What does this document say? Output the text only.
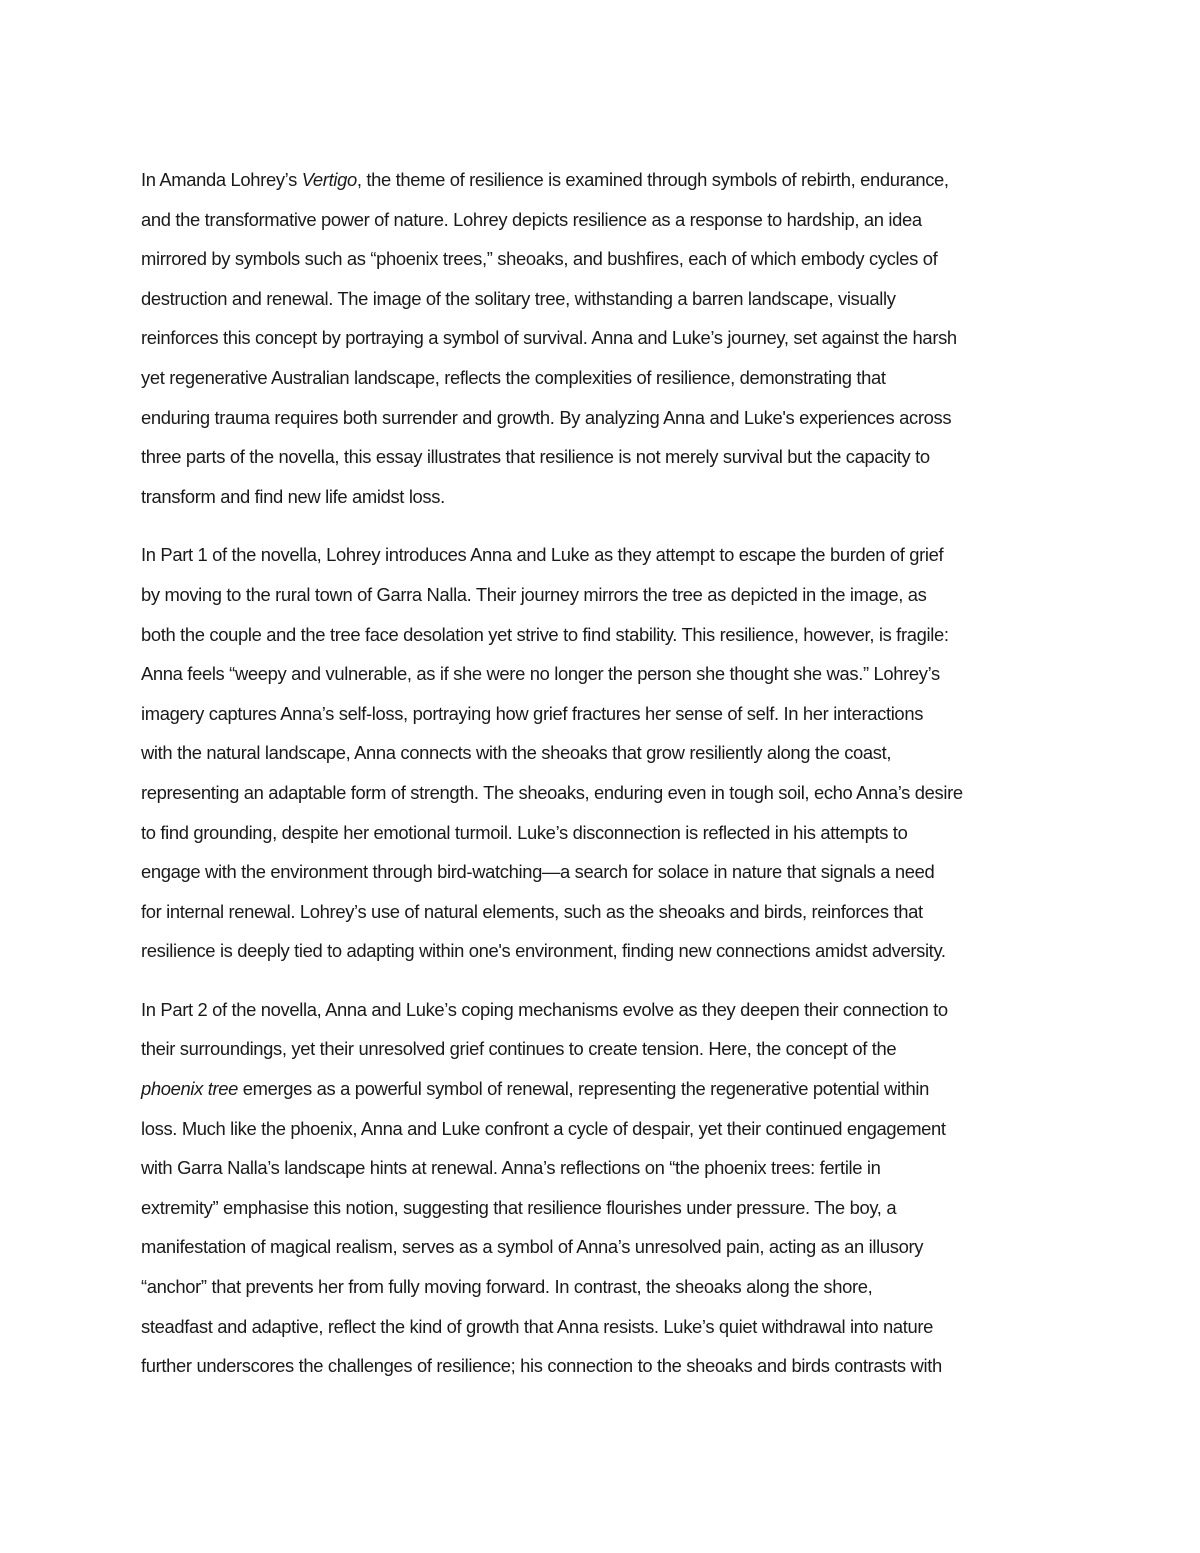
In Amanda Lohrey’s Vertigo, the theme of resilience is examined through symbols of rebirth, endurance,
and the transformative power of nature. Lohrey depicts resilience as a response to hardship, an idea
mirrored by symbols such as “phoenix trees,” sheoaks, and bushfires, each of which embody cycles of
destruction and renewal. The image of the solitary tree, withstanding a barren landscape, visually
reinforces this concept by portraying a symbol of survival. Anna and Luke’s journey, set against the harsh
yet regenerative Australian landscape, reflects the complexities of resilience, demonstrating that
enduring trauma requires both surrender and growth. By analyzing Anna and Luke's experiences across
three parts of the novella, this essay illustrates that resilience is not merely survival but the capacity to
transform and find new life amidst loss.

In Part 1 of the novella, Lohrey introduces Anna and Luke as they attempt to escape the burden of grief
by moving to the rural town of Garra Nalla. Their journey mirrors the tree as depicted in the image, as
both the couple and the tree face desolation yet strive to find stability. This resilience, however, is fragile:
Anna feels “weepy and vulnerable, as if she were no longer the person she thought she was.” Lohrey’s
imagery captures Anna’s self-loss, portraying how grief fractures her sense of self. In her interactions
with the natural landscape, Anna connects with the sheoaks that grow resiliently along the coast,
representing an adaptable form of strength. The sheoaks, enduring even in tough soil, echo Anna’s desire
to find grounding, despite her emotional turmoil. Luke’s disconnection is reflected in his attempts to
engage with the environment through bird-watching—a search for solace in nature that signals a need
for internal renewal. Lohrey’s use of natural elements, such as the sheoaks and birds, reinforces that
resilience is deeply tied to adapting within one's environment, finding new connections amidst adversity.

In Part 2 of the novella, Anna and Luke’s coping mechanisms evolve as they deepen their connection to
their surroundings, yet their unresolved grief continues to create tension. Here, the concept of the
phoenix tree emerges as a powerful symbol of renewal, representing the regenerative potential within
loss. Much like the phoenix, Anna and Luke confront a cycle of despair, yet their continued engagement
with Garra Nalla’s landscape hints at renewal. Anna’s reflections on “the phoenix trees: fertile in
extremity” emphasise this notion, suggesting that resilience flourishes under pressure. The boy, a
manifestation of magical realism, serves as a symbol of Anna’s unresolved pain, acting as an illusory
“anchor” that prevents her from fully moving forward. In contrast, the sheoaks along the shore,
steadfast and adaptive, reflect the kind of growth that Anna resists. Luke’s quiet withdrawal into nature
further underscores the challenges of resilience; his connection to the sheoaks and birds contrasts with
